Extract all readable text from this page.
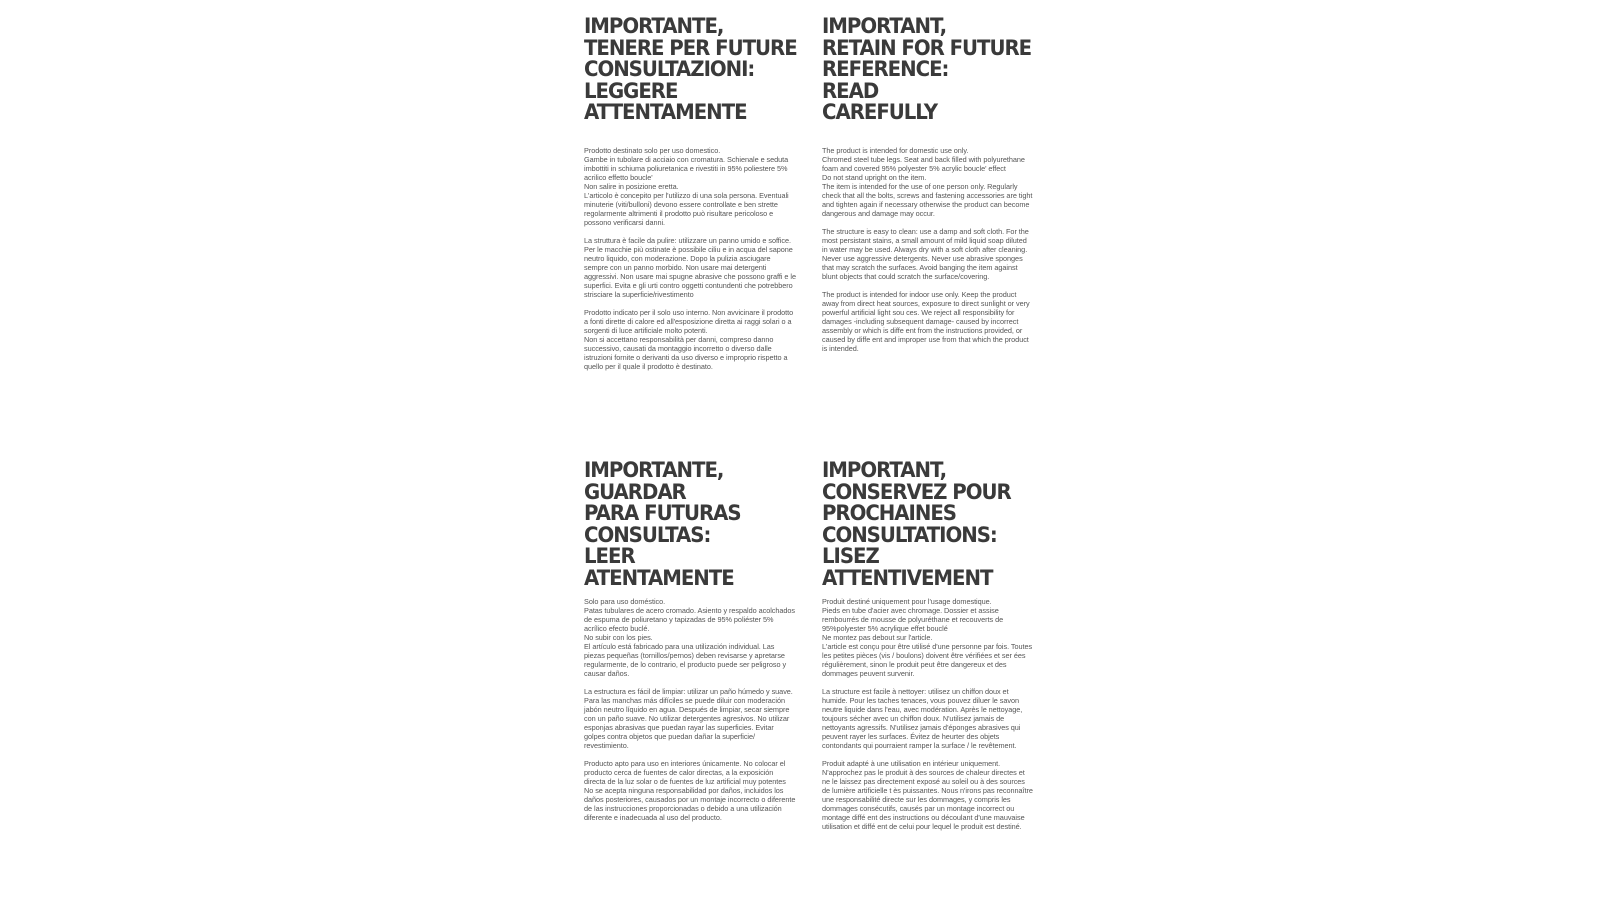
IMPORTANTE,
TENERE PER FUTURE
CONSULTAZIONI:
LEGGERE
ATTENTAMENTE

Prodotto destinato solo per uso domestico.
Gambe in tubolare di acciaio con cromatura. Schienale e seduta imbottiti in schiuma poliuretanica e rivestiti in 95% poliestere 5% acrilico effetto boucle'
Non salire in posizione eretta.
L'articolo è concepito per l'utilizzo di una sola persona. Eventuali minuterie (viti/bulloni) devono essere controllate e ben strette regolarmente altrimenti il prodotto può risultare pericoloso e possono verificarsi danni.

La struttura è facile da pulire: utilizzare un panno umido e soffice. Per le macchie più ostinate è possibile ciliu e in acqua del sapone neutro liquido, con moderazione. Dopo la pulizia asciugare sempre con un panno morbido. Non usare mai detergenti aggressivi. Non usare mai spugne abrasive che possono graffi e le superfici. Evita e gli urti contro oggetti contundenti che potrebbero strisciare la superficie/rivestimento

Prodotto indicato per il solo uso interno. Non avvicinare il prodotto a fonti dirette di calore ed all'esposizione diretta ai raggi solari o a sorgenti di luce artificiale molto potenti.
Non si accettano responsabilità per danni, compreso danno successivo, causati da montaggio incorretto o diverso dalle istruzioni fornite o derivanti da uso diverso e improprio rispetto a quello per il quale il prodotto è destinato.

IMPORTANT,
RETAIN FOR FUTURE
REFERENCE:
READ
CAREFULLY

The product is intended for domestic use only.
Chromed steel tube legs. Seat and back filled with polyurethane foam and covered 95% polyester 5% acrylic boucle' effect
Do not stand upright on the item.
The item is intended for the use of one person only. Regularly check that all the bolts, screws and fastening accessories are tight and tighten again if necessary otherwise the product can become dangerous and damage may occur.

The structure is easy to clean: use a damp and soft cloth. For the most persistant stains, a small amount of mild liquid soap diluted in water may be used. Always dry with a soft cloth after cleaning. Never use aggressive detergents. Never use abrasive sponges that may scratch the surfaces. Avoid banging the item against blunt objects that could scratch the surface/covering.

The product is intended for indoor use only. Keep the product away from direct heat sources, exposure to direct sunlight or very powerful artificial light sou ces. We reject all responsibility for damages -including subsequent damage- caused by incorrect assembly or which is diffe ent from the instructions provided, or caused by diffe ent and improper use from that which the product is intended.

IMPORTANTE,
GUARDAR
PARA FUTURAS
CONSULTAS:
LEER
ATENTAMENTE

Solo para uso doméstico.
Patas tubulares de acero cromado. Asiento y respaldo acolchados de espuma de poliuretano y tapizadas de 95% poliéster 5% acrílico efecto buclé.
No subir con los pies.
El artículo está fabricado para una utilización individual. Las piezas pequeñas (tornillos/pernos) deben revisarse y apretarse regularmente, de lo contrario, el producto puede ser peligroso y causar daños.

La estructura es fácil de limpiar: utilizar un paño húmedo y suave. Para las manchas más difíciles se puede diluir con moderación jabón neutro líquido en agua. Después de limpiar, secar siempre con un paño suave. No utilizar detergentes agresivos. No utilizar esponjas abrasivas que puedan rayar las superficies. Evitar golpes contra objetos que puedan dañar la superficie/ revestimiento.

Producto apto para uso en interiores únicamente. No colocar el producto cerca de fuentes de calor directas, a la exposición directa de la luz solar o de fuentes de luz artificial muy potentes
No se acepta ninguna responsabilidad por daños, incluidos los daños posteriores, causados por un montaje incorrecto o diferente de las instrucciones proporcionadas o debido a una utilización diferente e inadecuada al uso del producto.

IMPORTANT,
CONSERVEZ POUR
PROCHAINES
CONSULTATIONS:
LISEZ
ATTENTIVEMENT

Produit destiné uniquement pour l'usage domestique.
Pieds en tube d'acier avec chromage. Dossier et assise rembourrés de mousse de polyuréthane et recouverts de 95%polyester 5% acrylique effet bouclé
Ne montez pas debout sur l'article.
L'article est conçu pour être utilisé d'une personne par fois. Toutes les petites pièces (vis / boulons) doivent être vérifiées et ser ées régulièrement, sinon le produit peut être dangereux et des dommages peuvent survenir.

La structure est facile à nettoyer: utilisez un chiffon doux et humide. Pour les taches tenaces, vous pouvez diluer le savon neutre liquide dans l'eau, avec modération. Après le nettoyage, toujours sécher avec un chiffon doux. N'utilisez jamais de nettoyants agressifs. N'utilisez jamais d'éponges abrasives qui peuvent rayer les surfaces. Évitez de heurter des objets contondants qui pourraient ramper la surface / le revêtement.

Produit adapté à une utilisation en intérieur uniquement. N'approchez pas le produit à des sources de chaleur directes et ne le laissez pas directement exposé au soleil ou à des sources de lumière artificielle t ès puissantes. Nous n'irons pas reconnaître une responsabilité directe sur les dommages, y compris les dommages consécutifs, causés par un montage incorrect ou montage diffé ent des instructions ou découlant d'une mauvaise utilisation et diffé ent de celui pour lequel le produit est destiné.
